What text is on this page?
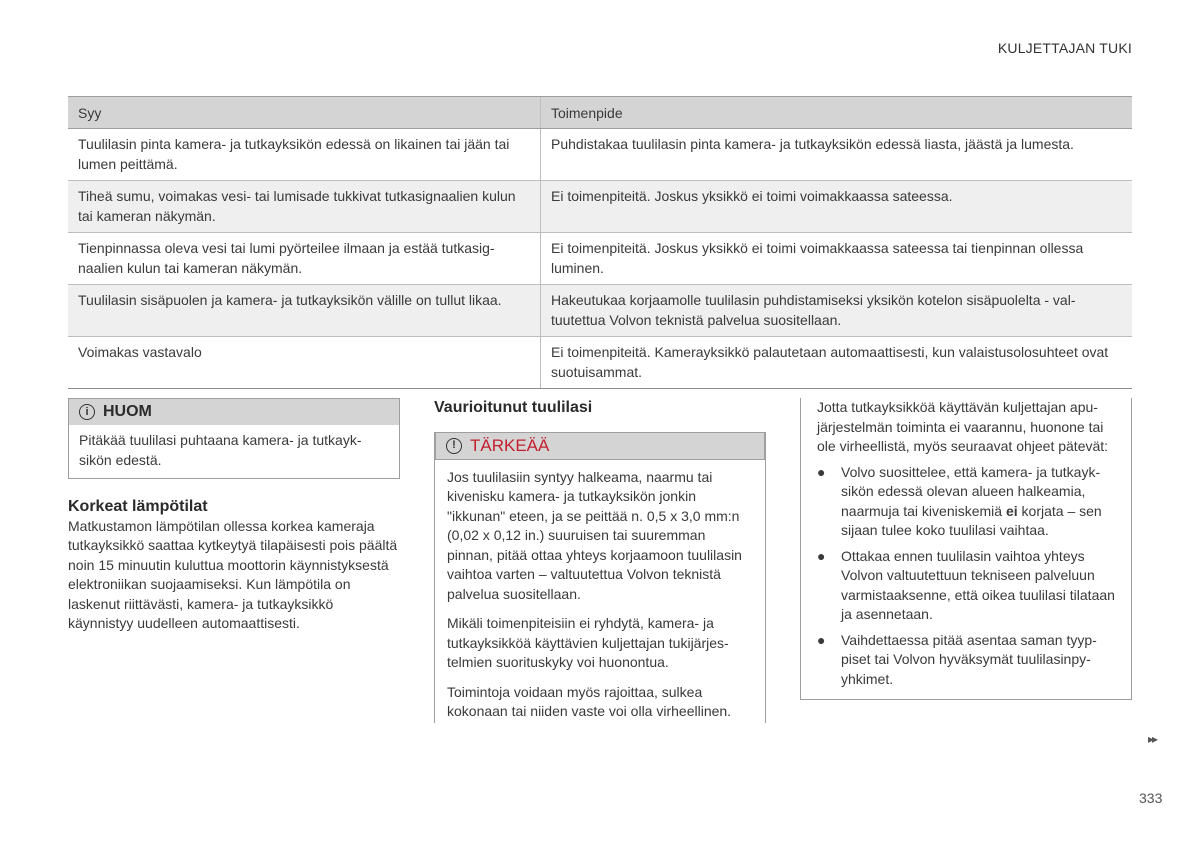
KULJETTAJAN TUKI
Syy	Toimenpide
Tuulilasin pinta kamera- ja tutkayksikön edessä on likainen tai jään tai lumen peittämä.	Puhdistakaa tuulilasin pinta kamera- ja tutkayksikön edessä liasta, jäästä ja lumesta.
Tiheä sumu, voimakas vesi- tai lumisade tukkivat tutkasignaalien kulun tai kameran näkymän.	Ei toimenpiteitä. Joskus yksikkö ei toimi voimakkaassa sateessa.
Tienpinnassa oleva vesi tai lumi pyörteilee ilmaan ja estää tutkasignaalien kulun tai kameran näkymän.	Ei toimenpiteitä. Joskus yksikkö ei toimi voimakkaassa sateessa tai tienpinnan ollessa luminen.
Tuulilasin sisäpuolen ja kamera- ja tutkayksikön välille on tullut likaa.	Hakeutukaa korjaamolle tuulilasin puhdistamiseksi yksikön kotelon sisäpuolelta - valtuutettua Volvon teknistä palvelua suositellaan.
Voimakas vastavalo	Ei toimenpiteitä. Kamerayksikkö palautetaan automaattisesti, kun valaistusolosuhteet ovat suotuisammat.
i HUOM

Pitäkää tuulilasi puhtaana kamera- ja tutkayksikön edestä.

Korkeat lämpötilat

Matkustamon lämpötilan ollessa korkea kameraja tutkayksikkö saattaa kytkeytyä tilapäisesti pois päältä noin 15 minuutin kuluttua moottorin käynnistyksestä elektroniikan suojaamiseksi. Kun lämpötila on laskenut riittävästi, kamera- ja tutkayksikkö käynnistyy uudelleen automaattisesti.

Vaurioitunut tuulilasi
! TÄRKEÄÄ

Jos tuulilasiin syntyy halkeama, naarmu tai kivenisku kamera- ja tutkayksikön jonkin "ikkunan" eteen, ja se peittää n. 0,5 x 3,0 mm:n (0,02 x 0,12 in.) suuruisen tai suuremman pinnan, pitää ottaa yhteys korjaamoon tuulilasin vaihtoa varten – valtuutettua Volvon teknistä palvelua suositellaan.

Mikäli toimenpiteisiin ei ryhdytä, kamera- ja tutkayksikköä käyttävien kuljettajan tukijärjestelmien suorituskyky voi huonontua.

Toimintoja voidaan myös rajoittaa, sulkea kokonaan tai niiden vaste voi olla virheellinen.

Jotta tutkayksikköä käyttävän kuljettajan apujärjestelmän toiminta ei vaarannu, huonone tai ole virheellistä, myös seuraavat ohjeet pätevät:

● Volvo suosittelee, että kamera- ja tutkayksikön edessä olevan alueen halkeamia, naarmuja tai kiveniskemiä ei korjata – sen sijaan tulee koko tuulilasi vaihtaa.
● Ottakaa ennen tuulilasin vaihtoa yhteys Volvon valtuutettuun tekniseen palveluun varmistaaksenne, että oikea tuulilasi tilataan ja asennetaan.
● Vaihdettaessa pitää asentaa saman tyyppiset tai Volvon hyväksymät tuulilasinpyyhkimet.
▸▸
333
